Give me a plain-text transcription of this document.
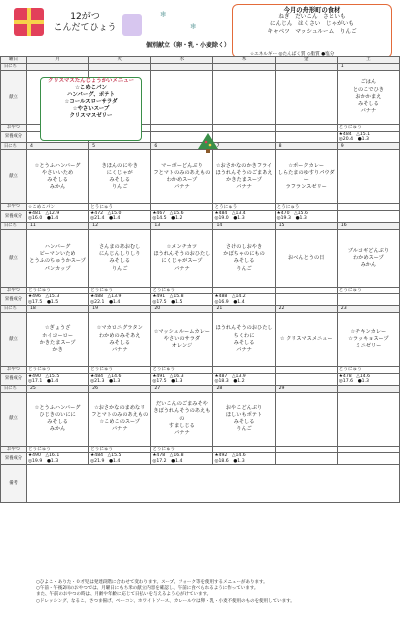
12がつ
こんだてひょう
❄
❄
今月の舟形町の食材
ねぎ　だいこん　さといも
にんじん　はくさい　じゃがいも
キャベツ　マッシュルーム　りんご
個別献立（卵・乳・小麦除く）
☆エネルギー ◎たんぱく質 ◇脂質 ●塩分
曜日	月	火	水	木	金	土
日にち						1
献立						ごはん
とのこでひき
おかかまえ
みそしる
バナナ
おやつ						とうにゅう
栄養成分						★484　△15.1
◎20.4　●1.3
日にち	4	5	6	7	8	9
献立	☆とうふハンバーグ
やさいいため
みそしる
みかん	きほんのにやき
にくじゃが
みそしる
りんご	マーボーどんぶり
フとマトのみのあえもの
わかめスープ
バナナ	☆おさかなのかきフライ
ほうれんそうのごまあえ
かきたまスープ
バナナ	☆ポークカレー
しらたまのゆすりパウダー
ラフランスゼリー	
おやつ	☆こめこパン	とうにゅう		とうにゅう	とうにゅう	
栄養成分	★481　△12.9
◎16.0　●1.4	★472　△15.0
◎21.4　●1.4	★467　△15.6
◎14.5　●1.2	★484　△13.4
◎19.0　●1.3	★470　△15.6
◎19.3　●1.3	
日にち	11	12	13	14	15	16
献立	ハンバーグ
ピーマンいため
とうふのちゅうかスープ
パンカップ	さんまのあおむし
にんじんしりしり
みそしる
りんご	☆メンチカツ
ほうれんそうのおひたし
にくじゃがスープ
バナナ	さけのしおやき
かぼちゃのにもの
みそしる
りんご	おべんとうの日	ブルコギどんぶり
わかめスープ
みかん
おやつ	とうにゅう	とうにゅう	とうにゅう			とうにゅう
栄養成分	★496　△15.3
◎17.5　●1.5	★488　△13.9
◎22.1　●1.4	★491　△15.8
◎17.5　●1.5	★488　△14.2
◎16.9　●1.4		
日にち	18	19	20	21	22	23
献立	☆ぎょうざ
ホイコーロー
かきたまスープ
かき	☆マカロニグラタン
わかめのみそあえ
みそしる
バナナ	☆マッシュルームカレー
やさいのサラダ
オレンジ	ほうれんそうのおひたし
ちくわに
みそしる
バナナ	☆ クリスマスメニュー	☆チキンカレー
☆ラッキョスープ
ミニゼリー
おやつ	とうにゅう	とうにゅう	とうにゅう			とうにゅう
栄養成分	★490　△15.5
◎17.1　●1.4	★484　△14.6
◎21.3　●1.3	★491　△16.3
◎17.5　●1.3	★487　△13.9
◎18.3　●1.2		★478　△14.6
◎17.6　●1.3
日にち	25	26	27	28	29	
献立	☆とうふハンバーグ
ひじきのいにに
みそしる
みかん	☆おさかなのまめなリ
フとマトのみのあえもの
☆こめこのスープ
バナナ	だいこんのごまみそや
きぼうれんそうのあえもの
すましじる
バナナ	おやこどんぶり
ほしいもポテト
みそしる
りんご		
おやつ	とうにゅう	とうにゅう	とうにゅう			
栄養成分	★490　△16.1
◎19.9　●1.3	★484　△15.5
◎21.9　●1.4	★478　△16.8
◎17.2　●1.4	★492　△14.6
◎18.6　●1.3		
備考						
クリスマスたんじょうかいメニュー
☆こめこパン
ハンバーグ、ポテト
☆コールスローサラダ
☆やさいスープ
クリスマスゼリー
○ひよこ・ありた・０才児は発達段階に合わせて変わります。スープ、フォーク等を使用するメニューがあります。
○午前・午後2回のおやつでは、月曜日にもち米の献立内容を確認し、午前に食べられるように作っています。
また、午前のおやつの時は、月齢や年齢に応じて日払いを与えるよう心がけています。
○ドレッシング、なるこ、さつま揚げ、ベーコン、ホワイトソース、カレールウは卵・乳・小麦不使用のものを使用しています。
